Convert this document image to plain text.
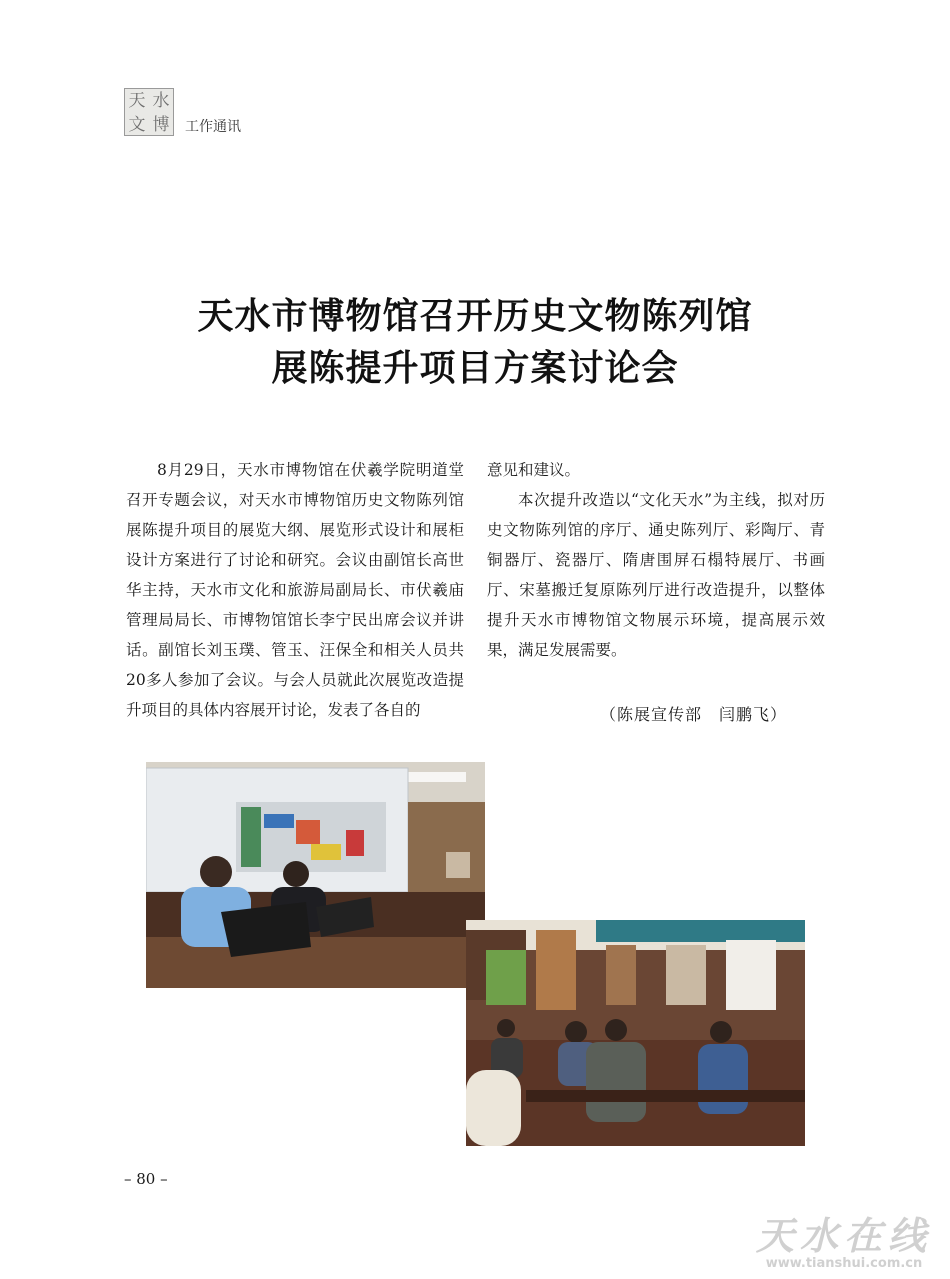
天 水
文 博 工作通讯
天水市博物馆召开历史文物陈列馆
展陈提升项目方案讨论会

8月29日，天水市博物馆在伏羲学院明道堂召开专题会议，对天水市博物馆历史文物陈列馆展陈提升项目的展览大纲、展览形式设计和展柜设计方案进行了讨论和研究。会议由副馆长高世华主持，天水市文化和旅游局副局长、市伏羲庙管理局局长、市博物馆馆长李宁民出席会议并讲话。副馆长刘玉璞、管玉、汪保全和相关人员共20多人参加了会议。与会人员就此次展览改造提升项目的具体内容展开讨论，发表了各自的

意见和建议。

本次提升改造以“文化天水”为主线，拟对历史文物陈列馆的序厅、通史陈列厅、彩陶厅、青铜器厅、瓷器厅、隋唐围屏石榻特展厅、书画厅、宋墓搬迁复原陈列厅进行改造提升，以整体提升天水市博物馆文物展示环境，提高展示效果，满足发展需要。

（陈展宣传部　闫鹏飞）
– 80 –
天水在线
www.tianshui.com.cn
